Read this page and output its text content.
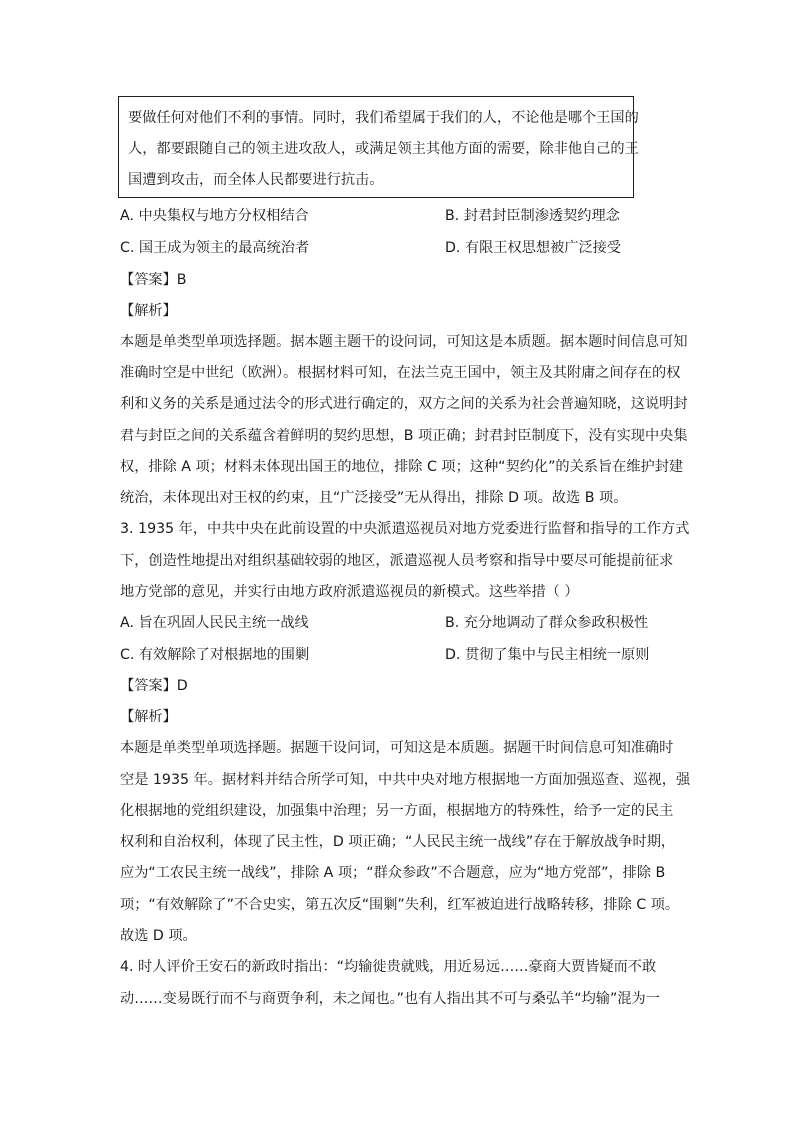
要做任何对他们不利的事情。同时，我们希望属于我们的人，不论他是哪个王国的
人，都要跟随自己的领主进攻敌人，或满足领主其他方面的需要，除非他自己的王
国遭到攻击，而全体人民都要进行抗击。
A. 中央集权与地方分权相结合	B. 封君封臣制渗透契约理念
C. 国王成为领主的最高统治者	D. 有限王权思想被广泛接受
【答案】B
【解析】
本题是单类型单项选择题。据本题主题干的设问词，可知这是本质题。据本题时间信息可知
准确时空是中世纪（欧洲）。根据材料可知，在法兰克王国中，领主及其附庸之间存在的权
利和义务的关系是通过法令的形式进行确定的，双方之间的关系为社会普遍知晓，这说明封
君与封臣之间的关系蕴含着鲜明的契约思想，B 项正确；封君封臣制度下，没有实现中央集
权，排除 A 项；材料未体现出国王的地位，排除 C 项；这种“契约化”的关系旨在维护封建
统治，未体现出对王权的约束，且“广泛接受”无从得出，排除 D 项。故选 B 项。
3. 1935 年，中共中央在此前设置的中央派遣巡视员对地方党委进行监督和指导的工作方式
下，创造性地提出对组织基础较弱的地区，派遣巡视人员考察和指导中要尽可能提前征求
地方党部的意见，并实行由地方政府派遣巡视员的新模式。这些举措（ ）
A. 旨在巩固人民民主统一战线	B. 充分地调动了群众参政积极性
C. 有效解除了对根据地的围剿	D. 贯彻了集中与民主相统一原则
【答案】D
【解析】
本题是单类型单项选择题。据题干设问词，可知这是本质题。据题干时间信息可知准确时
空是 1935 年。据材料并结合所学可知，中共中央对地方根据地一方面加强巡查、巡视，强
化根据地的党组织建设，加强集中治理；另一方面，根据地方的特殊性，给予一定的民主
权利和自治权利，体现了民主性，D 项正确；“人民民主统一战线”存在于解放战争时期，
应为“工农民主统一战线”，排除 A 项；“群众参政”不合题意，应为“地方党部”，排除 B
项；“有效解除了”不合史实，第五次反“围剿”失利，红军被迫进行战略转移，排除 C 项。
故选 D 项。
4. 时人评价王安石的新政时指出：“均输徙贵就贱，用近易远……豪商大贾皆疑而不敢
动……变易既行而不与商贾争利，未之闻也。”也有人指出其不可与桑弘羊“均输”混为一
